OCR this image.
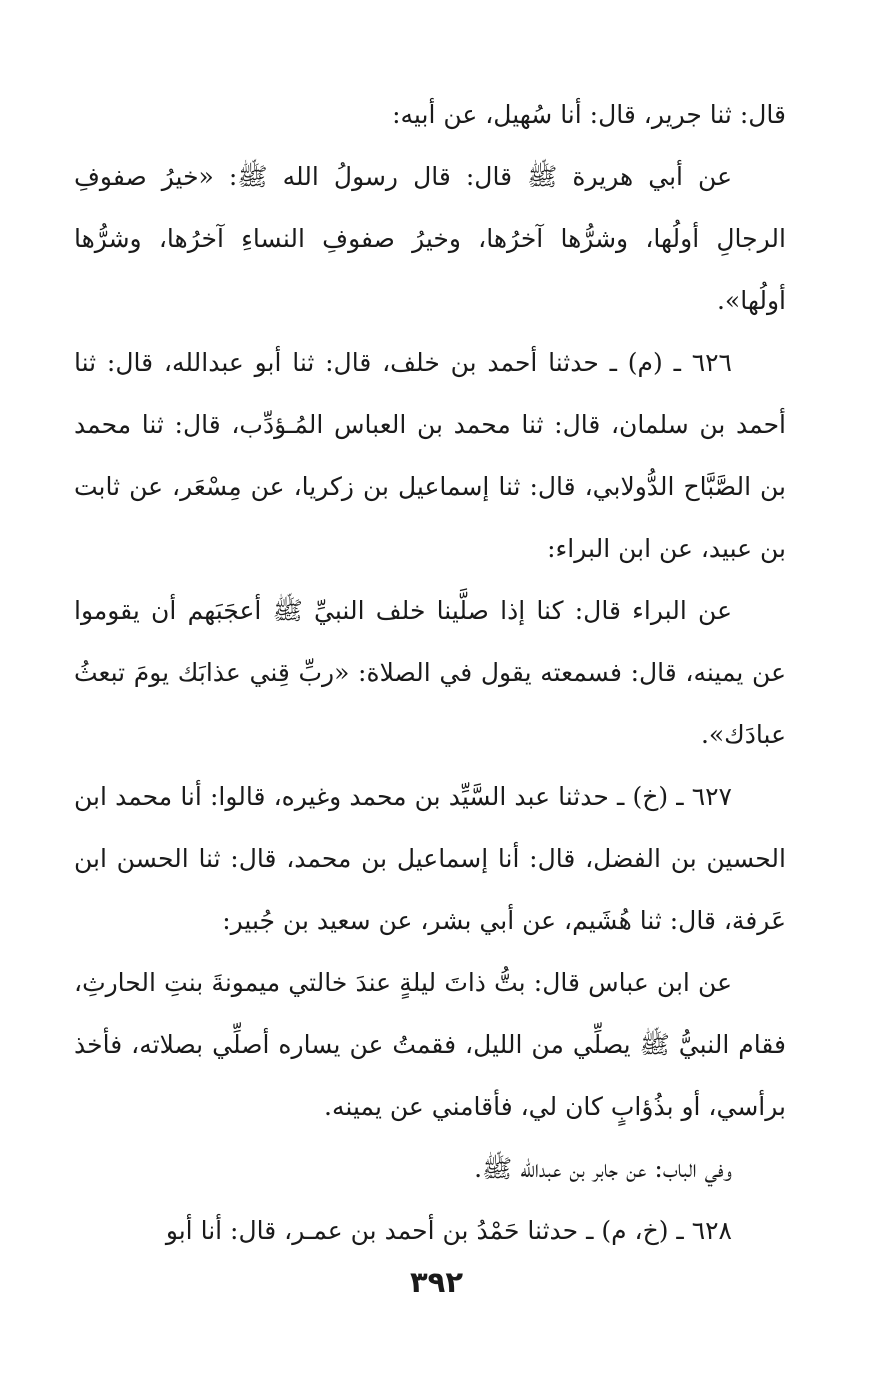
قال: ثنا جرير، قال: أنا سُهيل، عن أبيه:

عن أبي هريرة ﷺ قال: قال رسولُ الله ﷺ: «خيرُ صفوفِ الرجالِ أولُها، وشرُّها آخرُها، وخيرُ صفوفِ النساءِ آخرُها، وشرُّها أولُها».

٦٢٦ ـ (م) ـ حدثنا أحمد بن خلف، قال: ثنا أبو عبدالله، قال: ثنا أحمد بن سلمان، قال: ثنا محمد بن العباس المُـؤدِّب، قال: ثنا محمد بن الصَّبَّاح الدُّولابي، قال: ثنا إسماعيل بن زكريا، عن مِسْعَر، عن ثابت بن عبيد، عن ابن البراء:

عن البراء قال: كنا إذا صلَّينا خلف النبيِّ ﷺ أعجَبَهم أن يقوموا عن يمينه، قال: فسمعته يقول في الصلاة: «ربِّ قِني عذابَك يومَ تبعثُ عبادَك».

٦٢٧ ـ (خ) ـ حدثنا عبد السَّيِّد بن محمد وغيره، قالوا: أنا محمد ابن الحسين بن الفضل، قال: أنا إسماعيل بن محمد، قال: ثنا الحسن ابن عَرفة، قال: ثنا هُشَيم، عن أبي بشر، عن سعيد بن جُبير:

عن ابن عباس قال: بتُّ ذاتَ ليلةٍ عندَ خالتي ميمونةَ بنتِ الحارثِ، فقام النبيُّ ﷺ يصلِّي من الليل، فقمتُ عن يساره أصلِّي بصلاته، فأخذ برأسي، أو بذُؤابٍ كان لي، فأقامني عن يمينه.

وفي الباب: عن جابر بن عبدالله ﷺ.

٦٢٨ ـ (خ، م) ـ حدثنا حَمْدُ بن أحمد بن عمـر، قال: أنا أبو

٣٩٢
